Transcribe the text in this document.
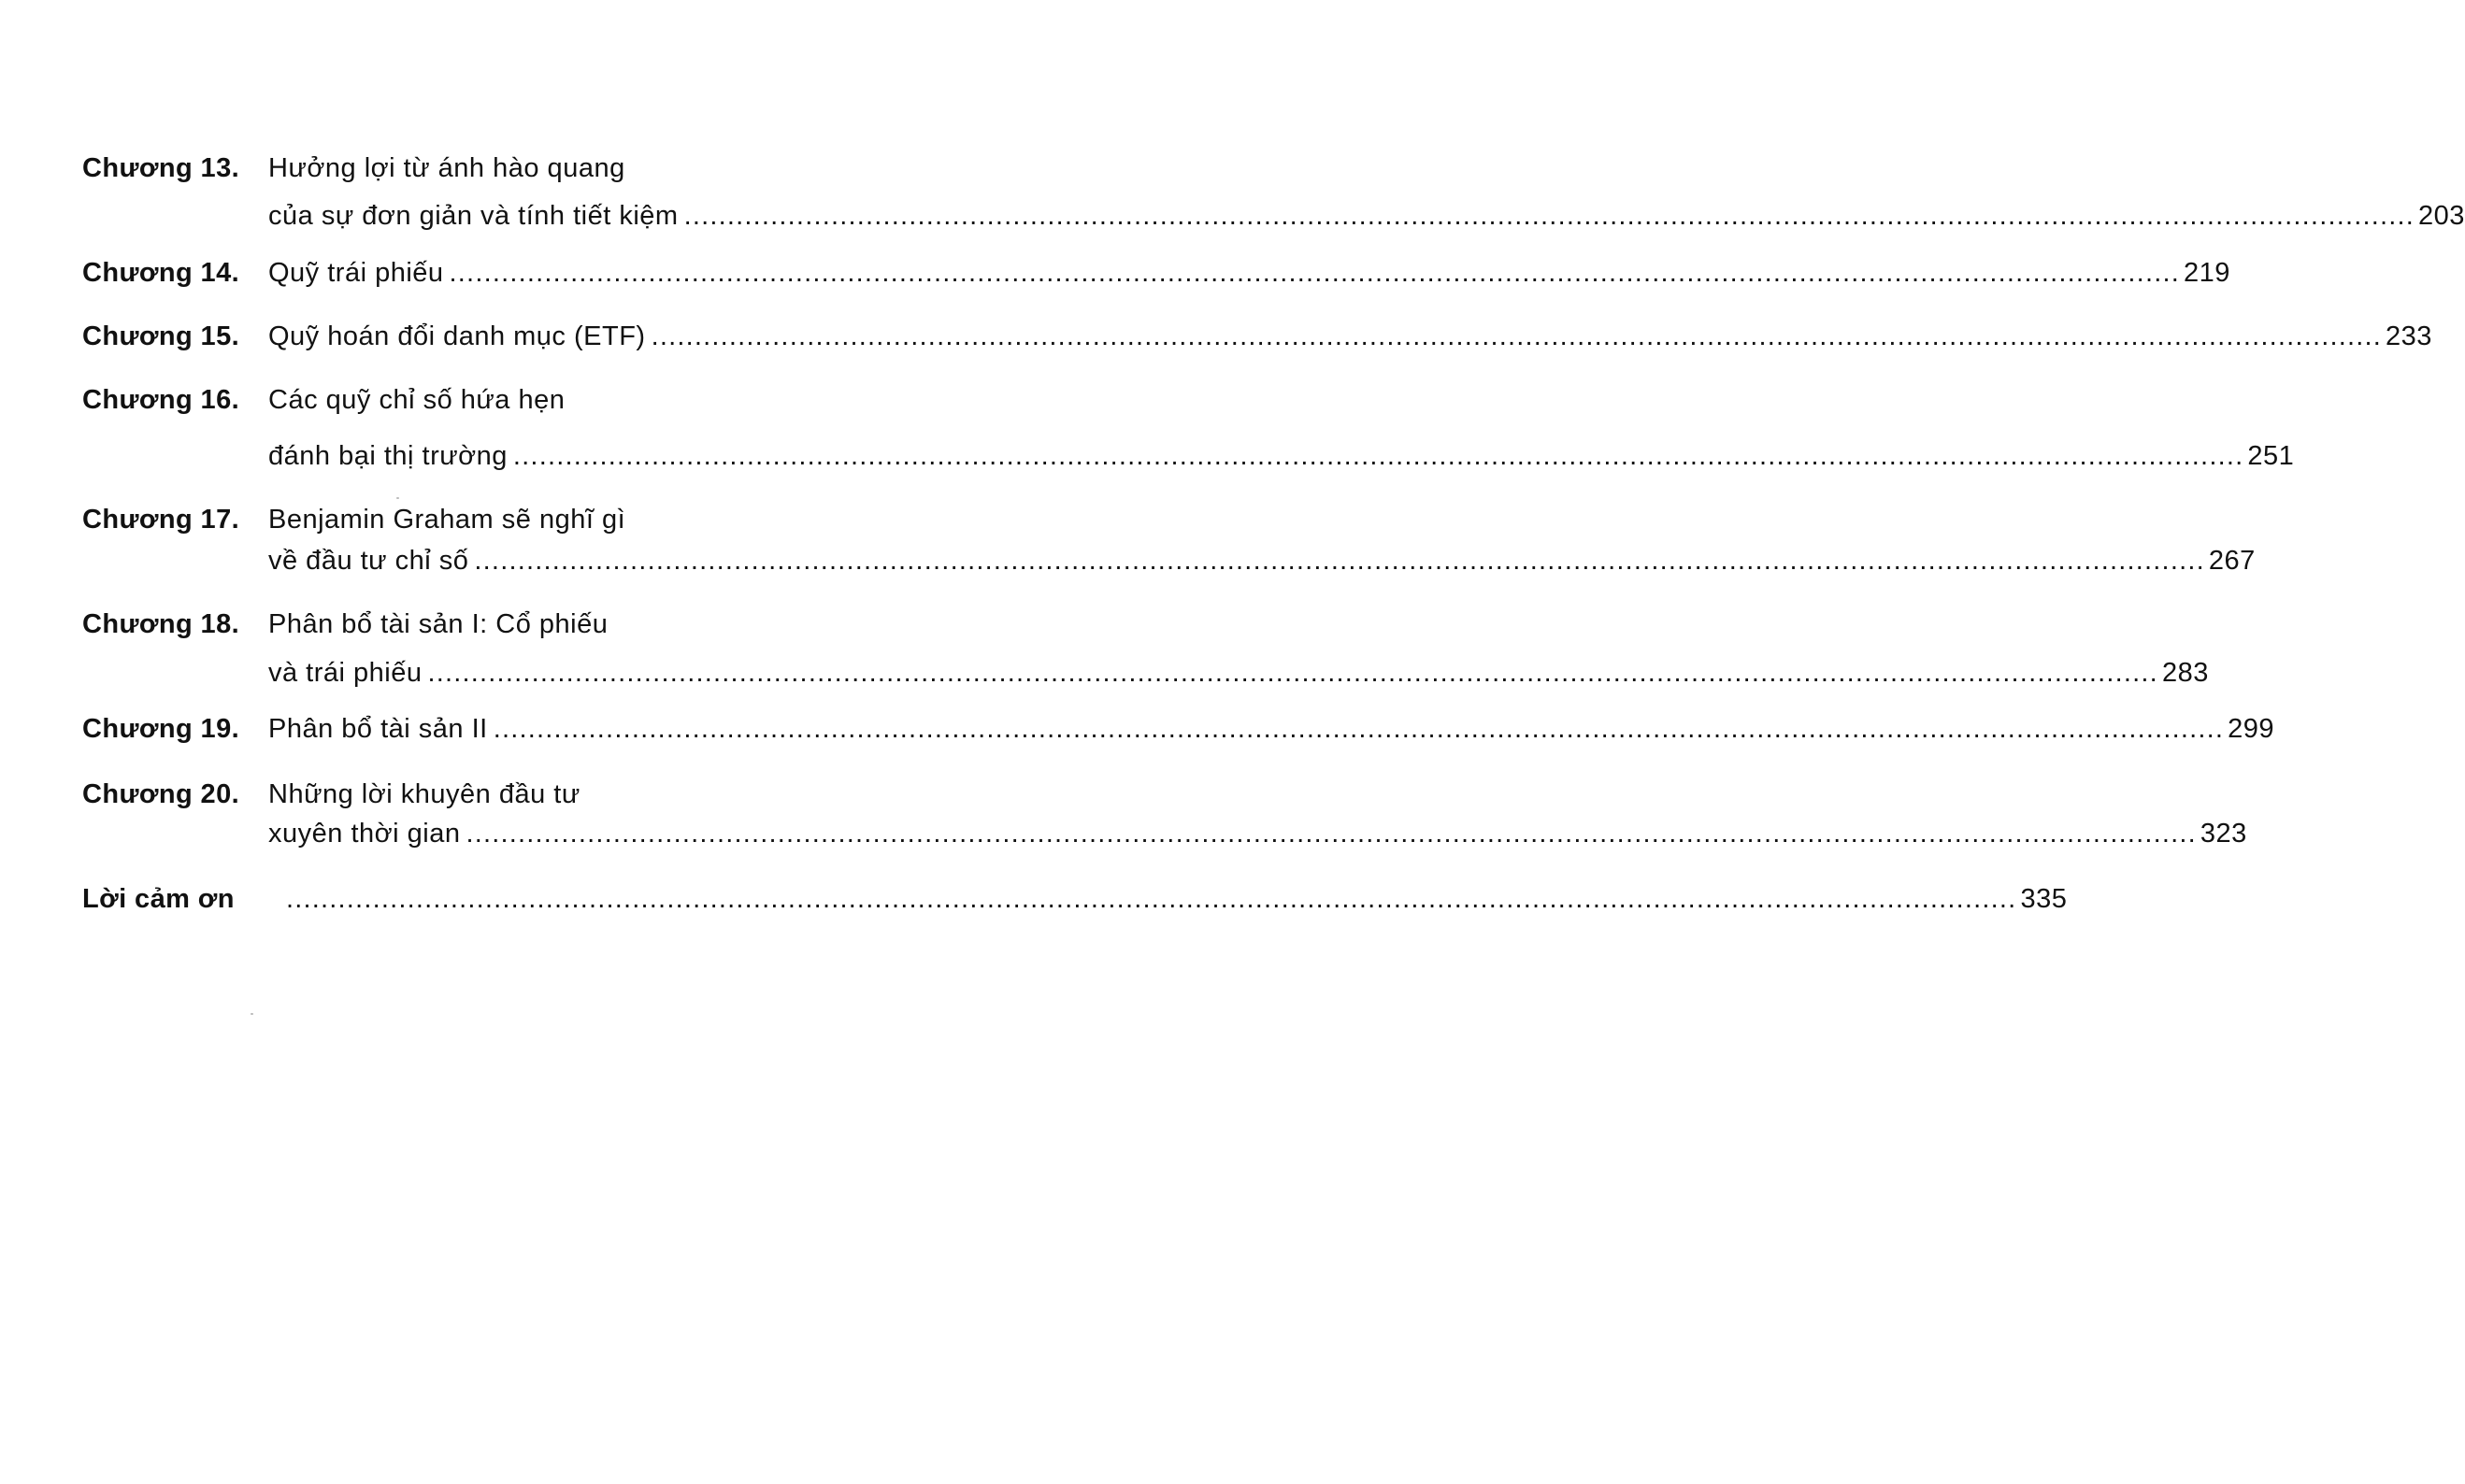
Chương 13. Hưởng lợi từ ánh hào quang
của sự đơn giản và tính tiết kiệm ........................................................................................................................................................................................................ 203
Chương 14. Quỹ trái phiếu ........................................................................................................................................................................................................ 219
Chương 15. Quỹ hoán đổi danh mục (ETF) ........................................................................................................................................................................................................ 233
Chương 16. Các quỹ chỉ số hứa hẹn
đánh bại thị trường ........................................................................................................................................................................................................ 251
Chương 17. Benjamin Graham sẽ nghĩ gì
về đầu tư chỉ số ........................................................................................................................................................................................................ 267
Chương 18. Phân bổ tài sản I: Cổ phiếu
và trái phiếu ........................................................................................................................................................................................................ 283
Chương 19. Phân bổ tài sản II ........................................................................................................................................................................................................ 299
Chương 20. Những lời khuyên đầu tư
xuyên thời gian ........................................................................................................................................................................................................ 323
Lời cảm ơn ........................................................................................................................................................................................................ 335
